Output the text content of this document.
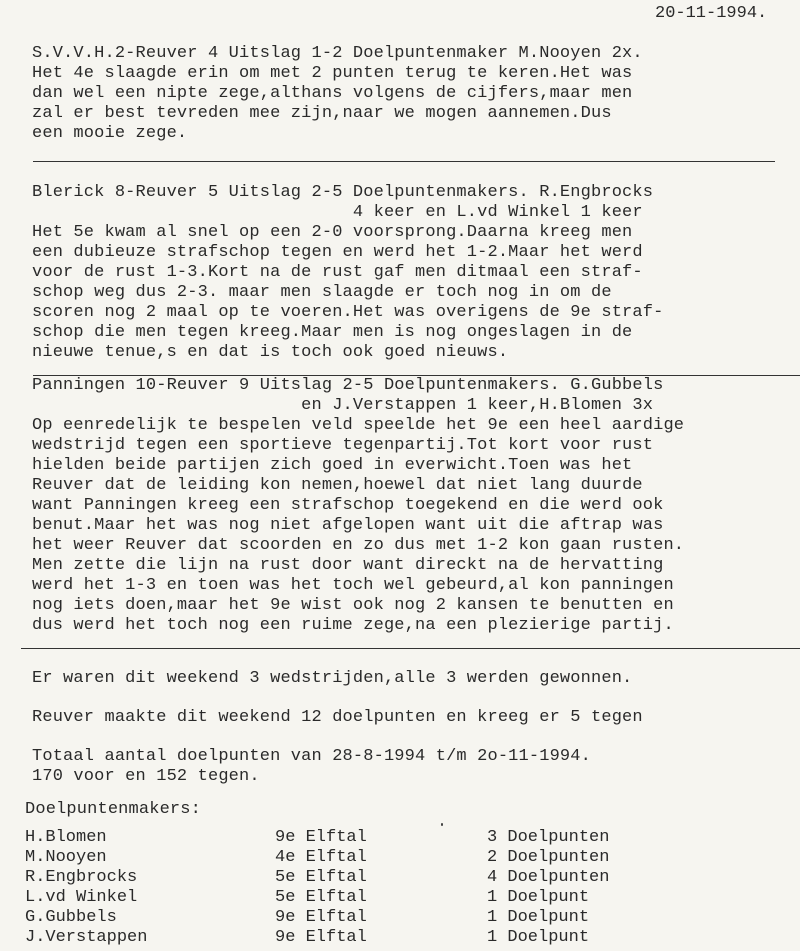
20-11-1994.
S.V.V.H.2-Reuver 4 Uitslag 1-2 Doelpuntenmaker M.Nooyen 2x.
Het 4e slaagde erin om met 2 punten terug te keren.Het was
dan wel een nipte zege,althans volgens de cijfers,maar men
zal er best tevreden mee zijn,naar we mogen aannemen.Dus
een mooie zege.
Blerick 8-Reuver 5 Uitslag 2-5 Doelpuntenmakers. R.Engbrocks
4 keer en L.vd Winkel 1 keer
Het 5e kwam al snel op een 2-0 voorsprong.Daarna kreeg men
een dubieuze strafschop tegen en werd het 1-2.Maar het werd
voor de rust 1-3.Kort na de rust gaf men ditmaal een straf-
schop weg dus 2-3. maar men slaagde er toch nog in om de
scoren nog 2 maal op te voeren.Het was overigens de 9e straf-
schop die men tegen kreeg.Maar men is nog ongeslagen in de
nieuwe tenue,s en dat is toch ook goed nieuws.
Panningen 10-Reuver 9 Uitslag 2-5 Doelpuntenmakers. G.Gubbels
en J.Verstappen 1 keer,H.Blomen 3x
Op eenredelijk te bespelen veld speelde het 9e een heel aardige
wedstrijd tegen een sportieve tegenpartij.Tot kort voor rust
hielden beide partijen zich goed in everwicht.Toen was het
Reuver dat de leiding kon nemen,hoewel dat niet lang duurde
want Panningen kreeg een strafschop toegekend en die werd ook
benut.Maar het was nog niet afgelopen want uit die aftrap was
het weer Reuver dat scoorden en zo dus met 1-2 kon gaan rusten.
Men zette die lijn na rust door want direckt na de hervatting
werd het 1-3 en toen was het toch wel gebeurd,al kon panningen
nog iets doen,maar het 9e wist ook nog 2 kansen te benutten en
dus werd het toch nog een ruime zege,na een plezierige partij.
Er waren dit weekend 3 wedstrijden,alle 3 werden gewonnen.
Reuver maakte dit weekend 12 doelpunten en kreeg er 5 tegen
Totaal aantal doelpunten van 28-8-1994 t/m 2o-11-1994.
170 voor en 152 tegen.
Doelpuntenmakers:
H.Blomen	9e Elftal	3 Doelpunten
M.Nooyen	4e Elftal	2 Doelpunten
R.Engbrocks	5e Elftal	4 Doelpunten
L.vd Winkel	5e Elftal	1 Doelpunt
G.Gubbels	9e Elftal	1 Doelpunt
J.Verstappen	9e Elftal	1 Doelpunt
